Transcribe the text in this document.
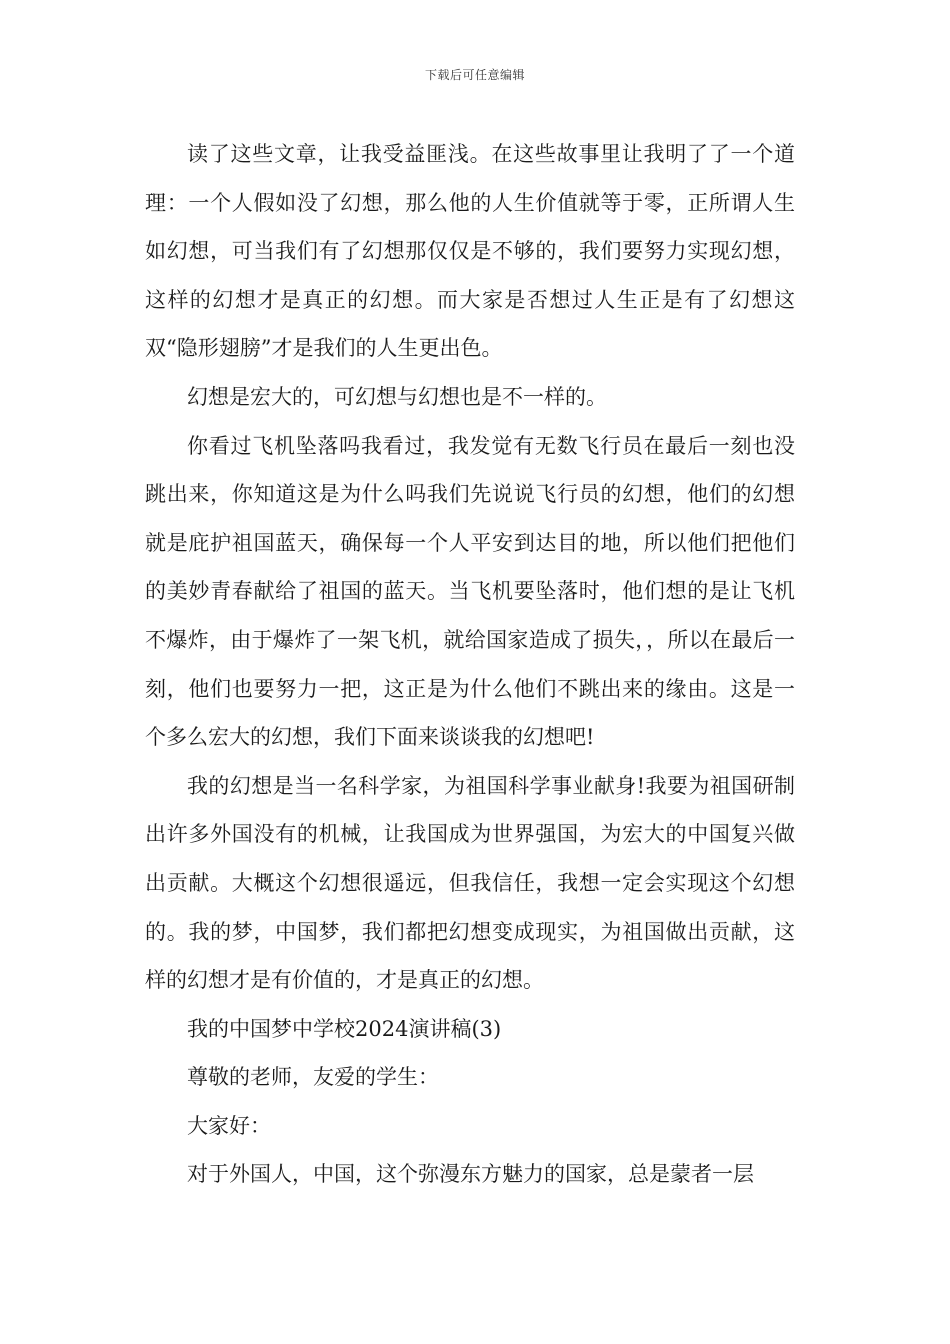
下载后可任意编辑

读了这些文章，让我受益匪浅。在这些故事里让我明了了一个道理：一个人假如没了幻想，那么他的人生价值就等于零，正所谓人生如幻想，可当我们有了幻想那仅仅是不够的，我们要努力实现幻想，这样的幻想才是真正的幻想。而大家是否想过人生正是有了幻想这双“隐形翅膀”才是我们的人生更出色。

幻想是宏大的，可幻想与幻想也是不一样的。

你看过飞机坠落吗我看过，我发觉有无数飞行员在最后一刻也没跳出来，你知道这是为什么吗我们先说说飞行员的幻想，他们的幻想就是庇护祖国蓝天，确保每一个人平安到达目的地，所以他们把他们的美妙青春献给了祖国的蓝天。当飞机要坠落时，他们想的是让飞机不爆炸，由于爆炸了一架飞机，就给国家造成了损失，，所以在最后一刻，他们也要努力一把，这正是为什么他们不跳出来的缘由。这是一个多么宏大的幻想，我们下面来谈谈我的幻想吧!

我的幻想是当一名科学家，为祖国科学事业献身!我要为祖国研制出许多外国没有的机械，让我国成为世界强国，为宏大的中国复兴做出贡献。大概这个幻想很遥远，但我信任，我想一定会实现这个幻想的。我的梦，中国梦，我们都把幻想变成现实，为祖国做出贡献，这样的幻想才是有价值的，才是真正的幻想。

我的中国梦中学校2024演讲稿(3)

尊敬的老师，友爱的学生：

大家好：

对于外国人，中国，这个弥漫东方魅力的国家，总是蒙者一层
